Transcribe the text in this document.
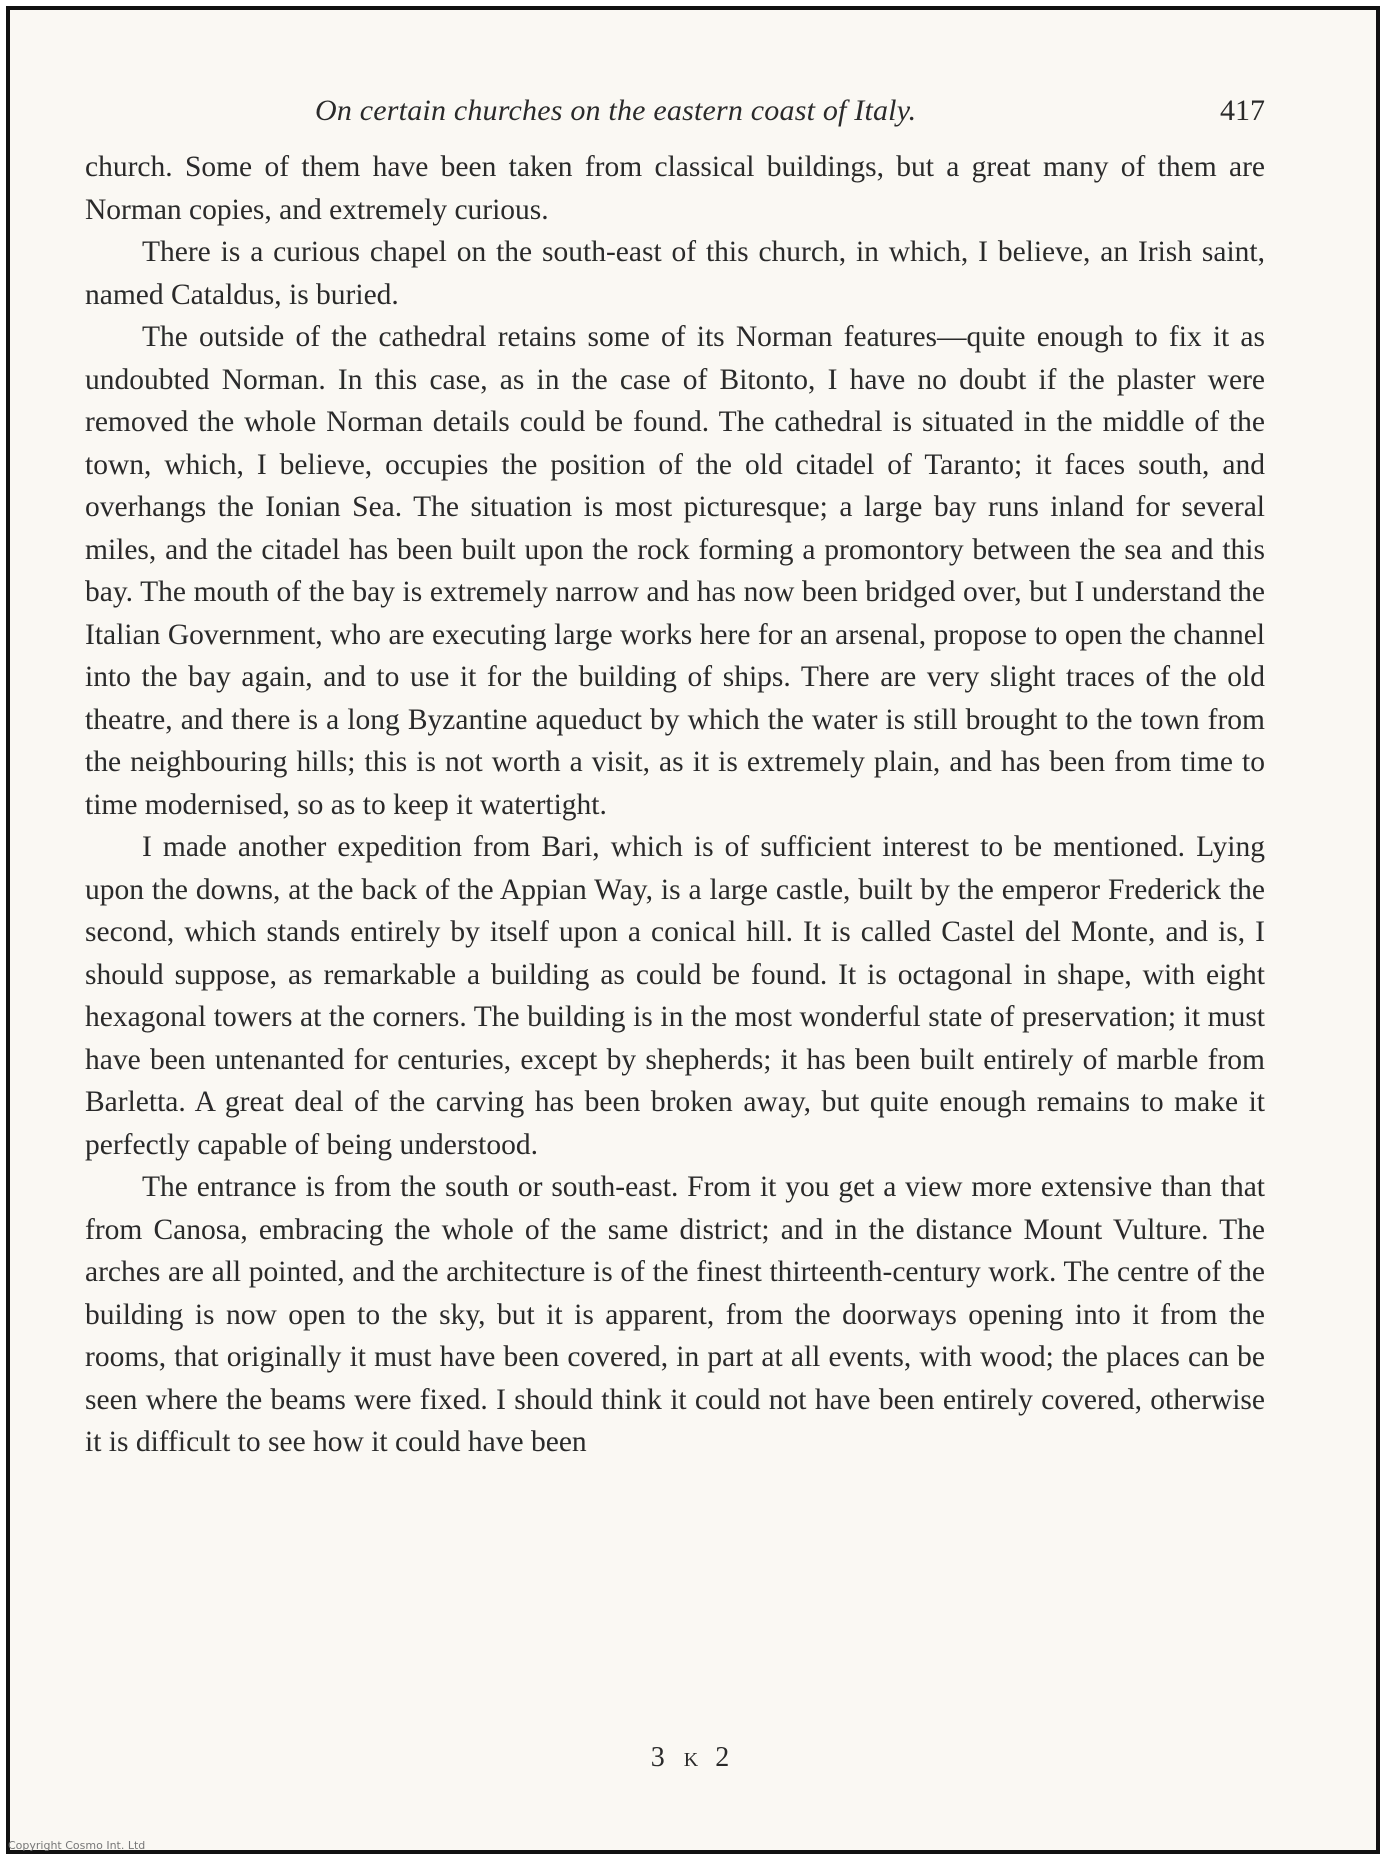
On certain churches on the eastern coast of Italy.	417

church. Some of them have been taken from classical buildings, but a great many of them are Norman copies, and extremely curious.

There is a curious chapel on the south-east of this church, in which, I believe, an Irish saint, named Cataldus, is buried.

The outside of the cathedral retains some of its Norman features—quite enough to fix it as undoubted Norman. In this case, as in the case of Bitonto, I have no doubt if the plaster were removed the whole Norman details could be found. The cathedral is situated in the middle of the town, which, I believe, occupies the position of the old citadel of Taranto; it faces south, and overhangs the Ionian Sea. The situation is most picturesque; a large bay runs inland for several miles, and the citadel has been built upon the rock forming a promontory between the sea and this bay. The mouth of the bay is extremely narrow and has now been bridged over, but I understand the Italian Government, who are executing large works here for an arsenal, propose to open the channel into the bay again, and to use it for the building of ships. There are very slight traces of the old theatre, and there is a long Byzantine aqueduct by which the water is still brought to the town from the neighbouring hills; this is not worth a visit, as it is extremely plain, and has been from time to time modernised, so as to keep it watertight.

I made another expedition from Bari, which is of sufficient interest to be mentioned. Lying upon the downs, at the back of the Appian Way, is a large castle, built by the emperor Frederick the second, which stands entirely by itself upon a conical hill. It is called Castel del Monte, and is, I should suppose, as remarkable a building as could be found. It is octagonal in shape, with eight hexagonal towers at the corners. The building is in the most wonderful state of preservation; it must have been untenanted for centuries, except by shepherds; it has been built entirely of marble from Barletta. A great deal of the carving has been broken away, but quite enough remains to make it perfectly capable of being understood.

The entrance is from the south or south-east. From it you get a view more extensive than that from Canosa, embracing the whole of the same district; and in the distance Mount Vulture. The arches are all pointed, and the architecture is of the finest thirteenth-century work. The centre of the building is now open to the sky, but it is apparent, from the doorways opening into it from the rooms, that originally it must have been covered, in part at all events, with wood; the places can be seen where the beams were fixed. I should think it could not have been entirely covered, otherwise it is difficult to see how it could have been

3 K 2
Copyright Cosmo Int. Ltd
